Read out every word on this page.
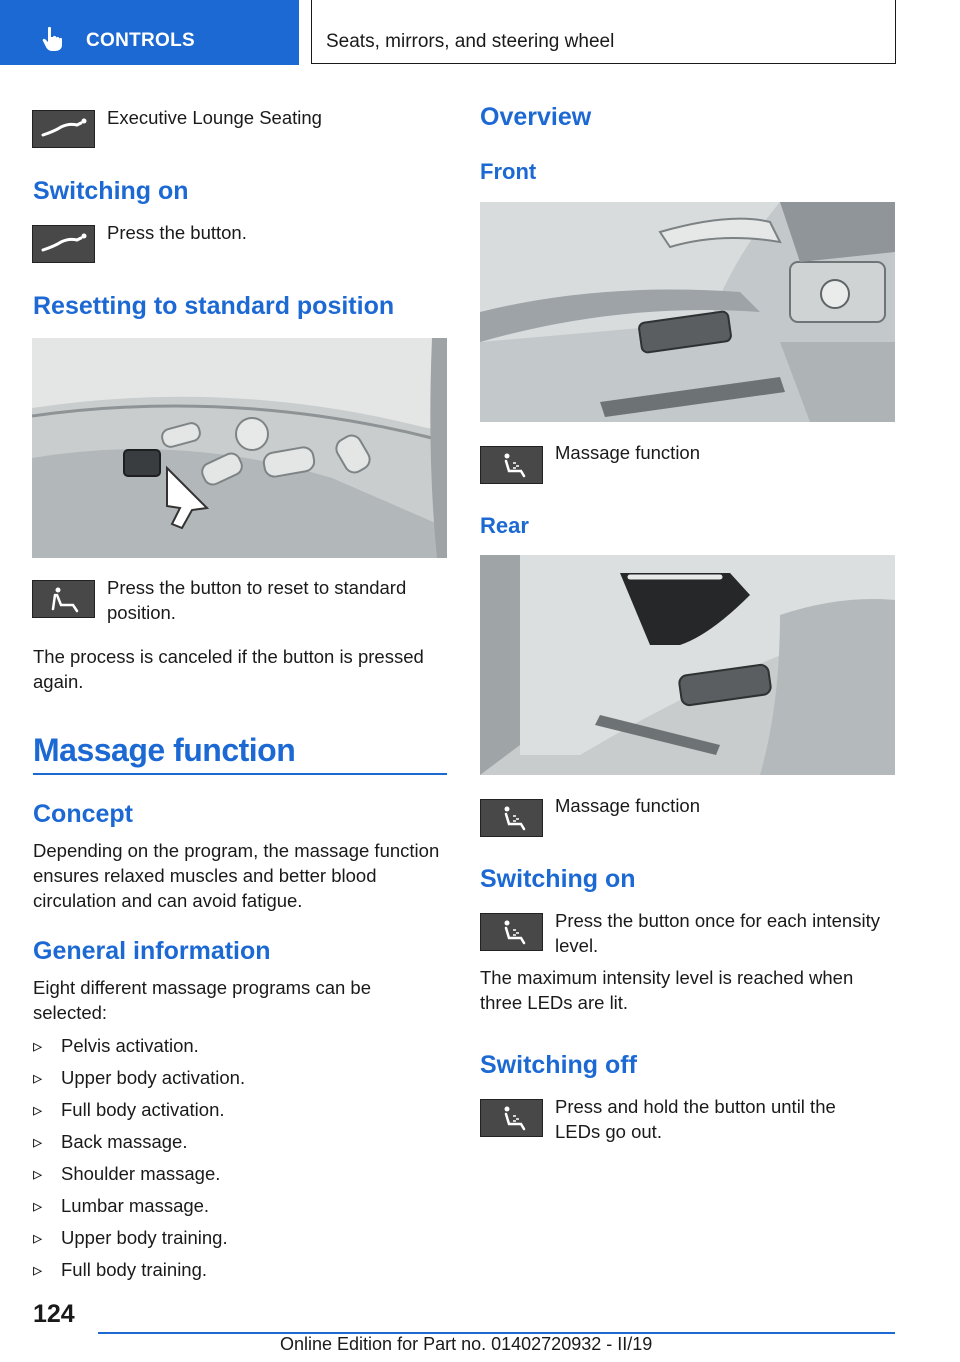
CONTROLS	Seats, mirrors, and steering wheel
Executive Lounge Seating
Switching on
Press the button.
Resetting to standard position
Press the button to reset to standard position.
The process is canceled if the button is pressed again.
Massage function
Concept
Depending on the program, the massage function ensures relaxed muscles and better blood circulation and can avoid fatigue.
General information
Eight different massage programs can be selected:
▹	Pelvis activation.
▹	Upper body activation.
▹	Full body activation.
▹	Back massage.
▹	Shoulder massage.
▹	Lumbar massage.
▹	Upper body training.
▹	Full body training.
Overview
Front
Massage function
Rear
Massage function
Switching on
Press the button once for each intensity level.
The maximum intensity level is reached when three LEDs are lit.
Switching off
Press and hold the button until the LEDs go out.
124
Online Edition for Part no. 01402720932 - II/19
